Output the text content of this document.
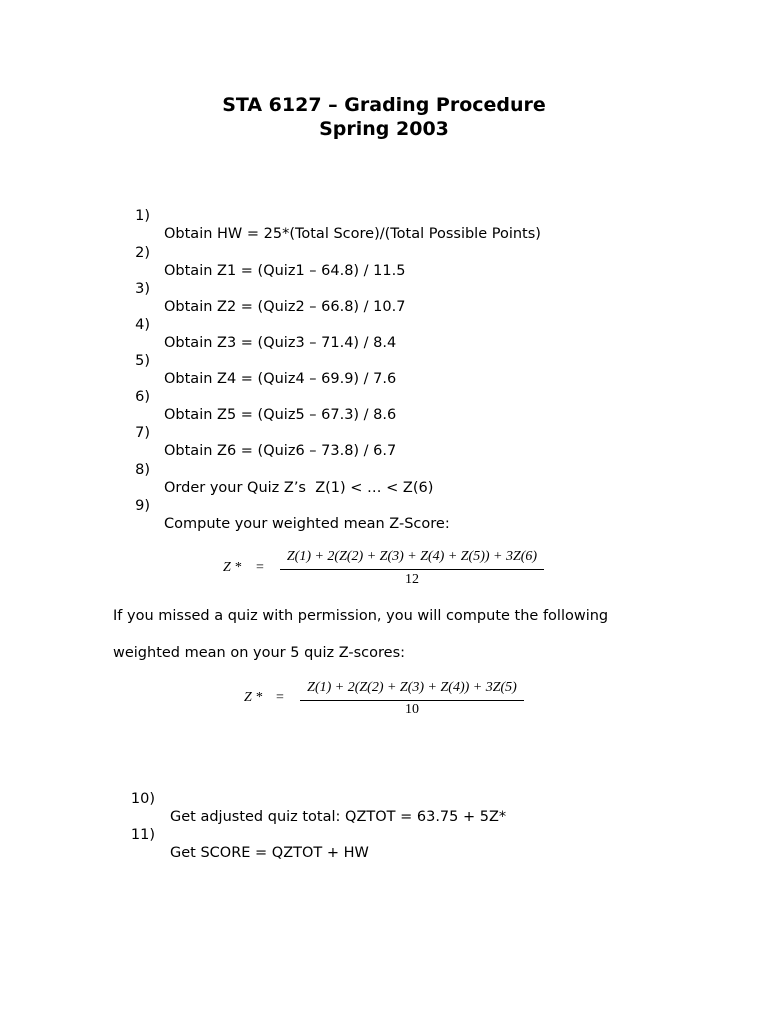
STA 6127 – Grading Procedure
Spring 2003

1)

Obtain HW = 25*(Total Score)/(Total Possible Points)

2)

Obtain Z1 = (Quiz1 – 64.8) / 11.5

3)

Obtain Z2 = (Quiz2 – 66.8) / 10.7

4)

Obtain Z3 = (Quiz3 – 71.4) / 8.4

5)

Obtain Z4 = (Quiz4 – 69.9) / 7.6

6)

Obtain Z5 = (Quiz5 – 67.3) / 8.6

7)

Obtain Z6 = (Quiz6 – 73.8) / 6.7

8)

Order your Quiz Z’s  Z(1) < … < Z(6)

9)

Compute your weighted mean Z-Score:

Z *

=

Z(1) + 2(Z(2) + Z(3) + Z(4) + Z(5)) + 3Z(6)

12

If you missed a quiz with permission, you will compute the following
weighted mean on your 5 quiz Z-scores:

Z *

=

Z(1) + 2(Z(2) + Z(3) + Z(4)) + 3Z(5)

10

10)

Get adjusted quiz total: QZTOT = 63.75 + 5Z*

11)

Get SCORE = QZTOT + HW
